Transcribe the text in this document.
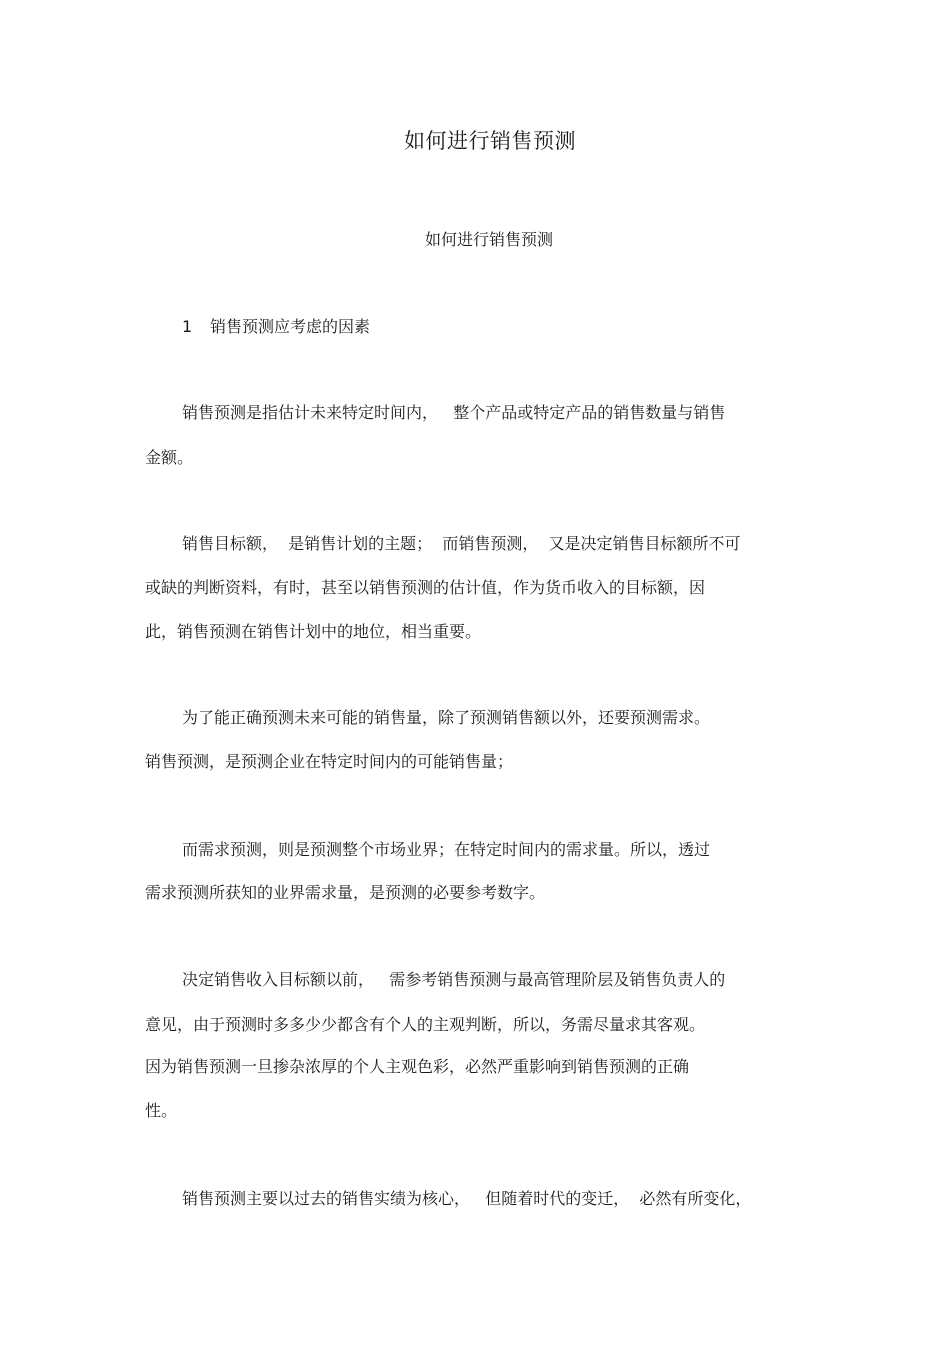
如何进行销售预测
如何进行销售预测
1 销售预测应考虑的因素
销售预测是指估计未来特定时间内，   整个产品或特定产品的销售数量与销售
金额。
销售目标额，  是销售计划的主题；  而销售预测，  又是决定销售目标额所不可
或缺的判断资料，有时，甚至以销售预测的估计值，作为货币收入的目标额，因
此，销售预测在销售计划中的地位，相当重要。
为了能正确预测未来可能的销售量，除了预测销售额以外，还要预测需求。
销售预测，是预测企业在特定时间内的可能销售量；
而需求预测，则是预测整个市场业界；在特定时间内的需求量。所以，透过
需求预测所获知的业界需求量，是预测的必要参考数字。
决定销售收入目标额以前，   需参考销售预测与最高管理阶层及销售负责人的
意见，由于预测时多多少少都含有个人的主观判断，所以，务需尽量求其客观。
因为销售预测一旦掺杂浓厚的个人主观色彩，必然严重影响到销售预测的正确
性。
销售预测主要以过去的销售实绩为核心，   但随着时代的变迁，  必然有所变化，
